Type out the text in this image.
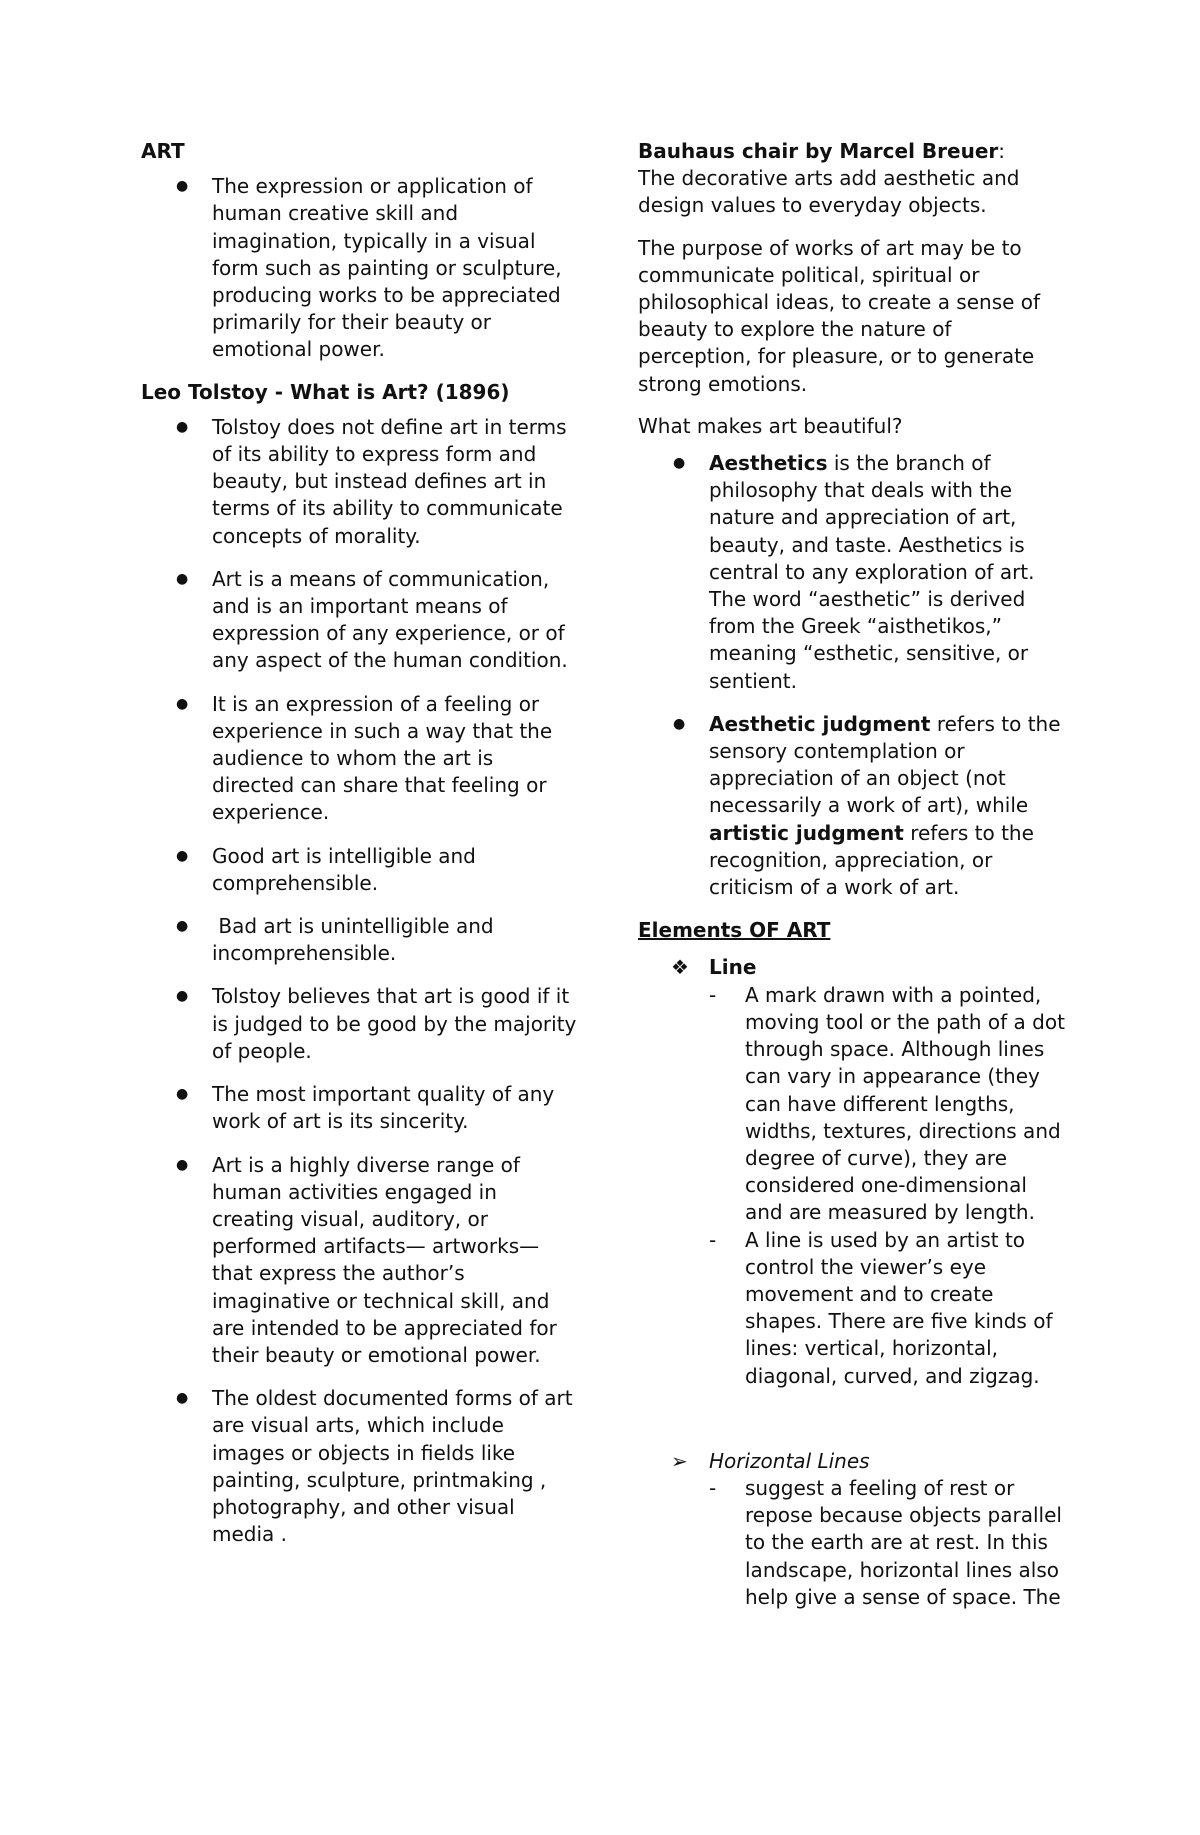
ART
● The expression or application of human creative skill and imagination, typically in a visual form such as painting or sculpture, producing works to be appreciated primarily for their beauty or emotional power.
Leo Tolstoy - What is Art? (1896)
● Tolstoy does not define art in terms of its ability to express form and beauty, but instead defines art in terms of its ability to communicate concepts of morality.
● Art is a means of communication, and is an important means of expression of any experience, or of any aspect of the human condition.
● It is an expression of a feeling or experience in such a way that the audience to whom the art is directed can share that feeling or experience.
● Good art is intelligible and comprehensible.
● Bad art is unintelligible and incomprehensible.
● Tolstoy believes that art is good if it is judged to be good by the majority of people.
● The most important quality of any work of art is its sincerity.
● Art is a highly diverse range of human activities engaged in creating visual, auditory, or performed artifacts— artworks— that express the author’s imaginative or technical skill, and are intended to be appreciated for their beauty or emotional power.
● The oldest documented forms of art are visual arts, which include images or objects in fields like painting, sculpture, printmaking , photography, and other visual media .
Bauhaus chair by Marcel Breuer:
The decorative arts add aesthetic and design values to everyday objects.
The purpose of works of art may be to communicate political, spiritual or philosophical ideas, to create a sense of beauty to explore the nature of perception, for pleasure, or to generate strong emotions.
What makes art beautiful?
● Aesthetics is the branch of philosophy that deals with the nature and appreciation of art, beauty, and taste. Aesthetics is central to any exploration of art. The word “aesthetic” is derived from the Greek “aisthetikos,” meaning “esthetic, sensitive, or sentient.
● Aesthetic judgment refers to the sensory contemplation or appreciation of an object (not necessarily a work of art), while artistic judgment refers to the recognition, appreciation, or criticism of a work of art.
Elements OF ART
❖ Line
- A mark drawn with a pointed, moving tool or the path of a dot through space. Although lines can vary in appearance (they can have different lengths, widths, textures, directions and degree of curve), they are considered one-dimensional and are measured by length.
- A line is used by an artist to control the viewer’s eye movement and to create shapes. There are five kinds of lines: vertical, horizontal, diagonal, curved, and zigzag.
➢ Horizontal Lines
- suggest a feeling of rest or repose because objects parallel to the earth are at rest. In this landscape, horizontal lines also help give a sense of space. The
